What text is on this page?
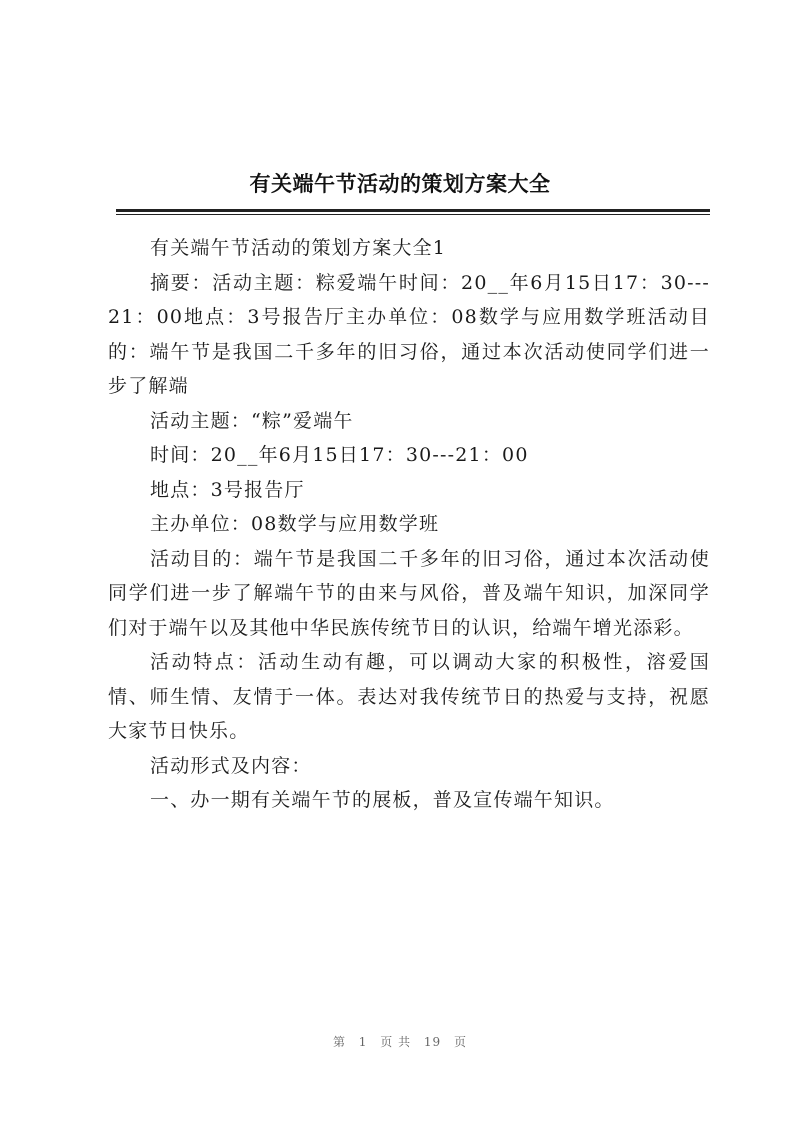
有关端午节活动的策划方案大全

有关端午节活动的策划方案大全1

摘要：活动主题：粽爱端午时间：20__年6月15日17：30---21：00地点：3号报告厅主办单位：08数学与应用数学班活动目的：端午节是我国二千多年的旧习俗，通过本次活动使同学们进一步了解端

活动主题：“粽”爱端午

时间：20__年6月15日17：30---21：00

地点：3号报告厅

主办单位：08数学与应用数学班

活动目的：端午节是我国二千多年的旧习俗，通过本次活动使同学们进一步了解端午节的由来与风俗，普及端午知识，加深同学们对于端午以及其他中华民族传统节日的认识，给端午增光添彩。

活动特点：活动生动有趣，可以调动大家的积极性，溶爱国情、师生情、友情于一体。表达对我传统节日的热爱与支持，祝愿大家节日快乐。

活动形式及内容：

一、办一期有关端午节的展板，普及宣传端午知识。

第 1 页 共 19 页
